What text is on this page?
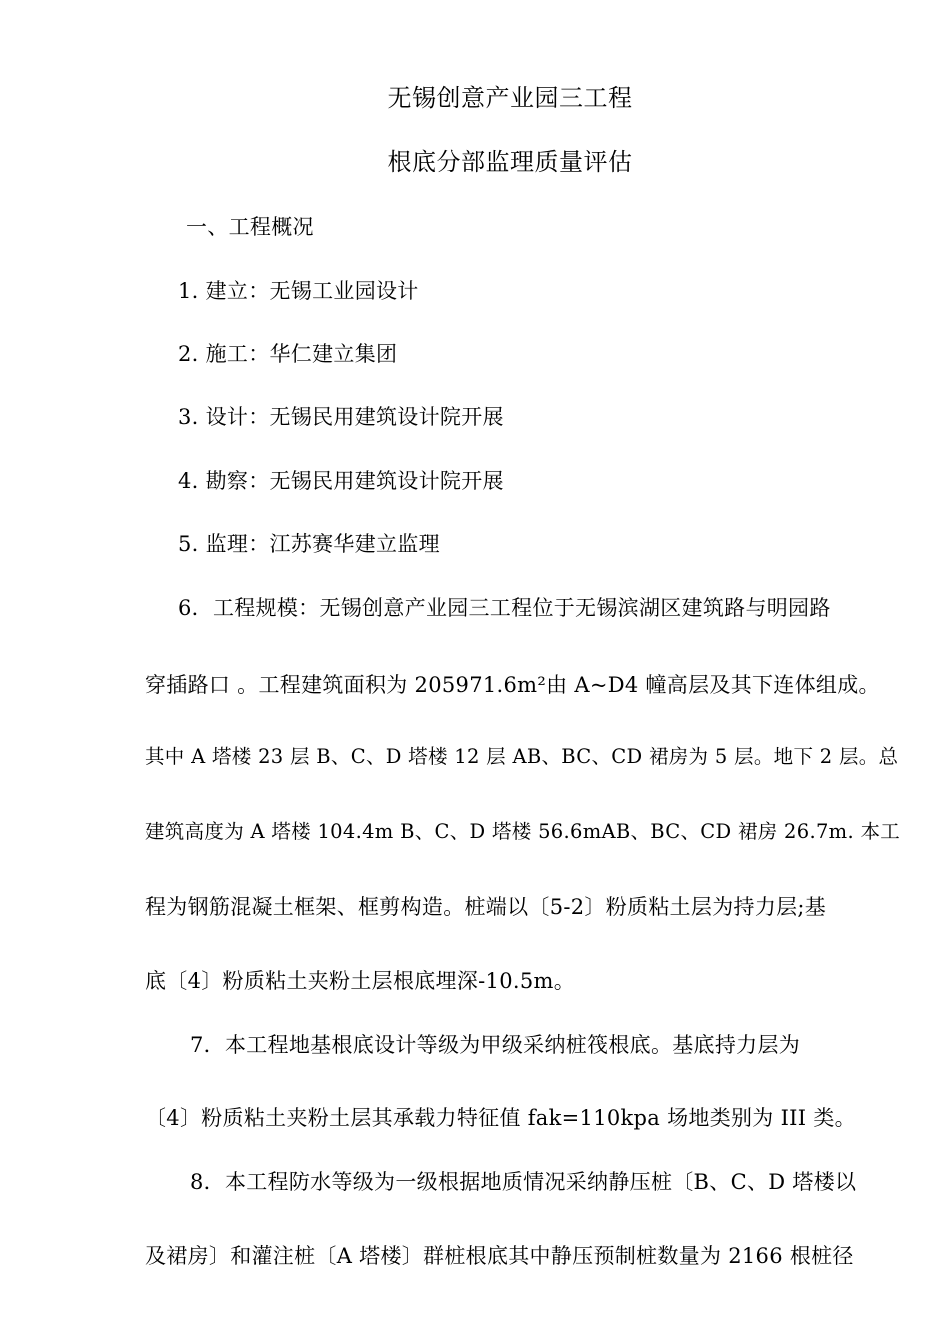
无锡创意产业园三工程
根底分部监理质量评估
一、工程概况
1. 建立：无锡工业园设计
2. 施工：华仁建立集团
3. 设计：无锡民用建筑设计院开展
4. 勘察：无锡民用建筑设计院开展
5. 监理：江苏赛华建立监理
6．工程规模：无锡创意产业园三工程位于无锡滨湖区建筑路与明园路
穿插路口 。工程建筑面积为 205971.6m²由 A~D4 幢高层及其下连体组成。
其中 A 塔楼 23 层 B、C、D 塔楼 12 层 AB、BC、CD 裙房为 5 层。地下 2 层。总
建筑高度为 A 塔楼 104.4m B、C、D 塔楼 56.6mAB、BC、CD 裙房 26.7m. 本工
程为钢筋混凝土框架、框剪构造。桩端以〔5-2〕粉质粘土层为持力层;基
底〔4〕粉质粘土夹粉土层根底埋深-10.5m。
7．本工程地基根底设计等级为甲级采纳桩筏根底。基底持力层为
〔4〕粉质粘土夹粉土层其承载力特征值 fak=110kpa 场地类别为 III 类。
8．本工程防水等级为一级根据地质情况采纳静压桩〔B、C、D 塔楼以
及裙房〕和灌注桩〔A 塔楼〕群桩根底其中静压预制桩数量为 2166 根桩径
